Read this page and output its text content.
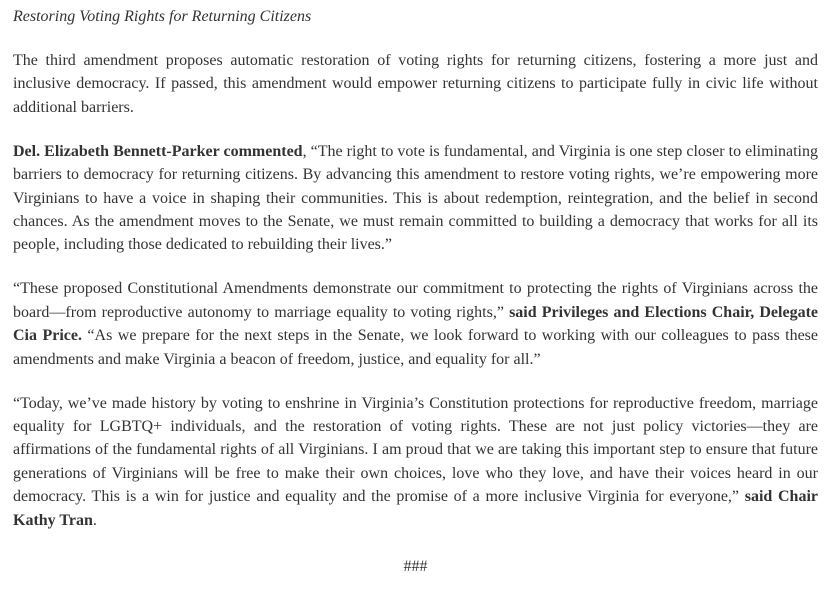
Restoring Voting Rights for Returning Citizens

The third amendment proposes automatic restoration of voting rights for returning citizens, fostering a more just and inclusive democracy. If passed, this amendment would empower returning citizens to participate fully in civic life without additional barriers.

Del. Elizabeth Bennett-Parker commented, “The right to vote is fundamental, and Virginia is one step closer to eliminating barriers to democracy for returning citizens. By advancing this amendment to restore voting rights, we’re empowering more Virginians to have a voice in shaping their communities. This is about redemption, reintegration, and the belief in second chances. As the amendment moves to the Senate, we must remain committed to building a democracy that works for all its people, including those dedicated to rebuilding their lives.”

“These proposed Constitutional Amendments demonstrate our commitment to protecting the rights of Virginians across the board—from reproductive autonomy to marriage equality to voting rights,” said Privileges and Elections Chair, Delegate Cia Price. “As we prepare for the next steps in the Senate, we look forward to working with our colleagues to pass these amendments and make Virginia a beacon of freedom, justice, and equality for all.”

“Today, we’ve made history by voting to enshrine in Virginia’s Constitution protections for reproductive freedom, marriage equality for LGBTQ+ individuals, and the restoration of voting rights. These are not just policy victories—they are affirmations of the fundamental rights of all Virginians. I am proud that we are taking this important step to ensure that future generations of Virginians will be free to make their own choices, love who they love, and have their voices heard in our democracy. This is a win for justice and equality and the promise of a more inclusive Virginia for everyone,” said Chair Kathy Tran.

###
